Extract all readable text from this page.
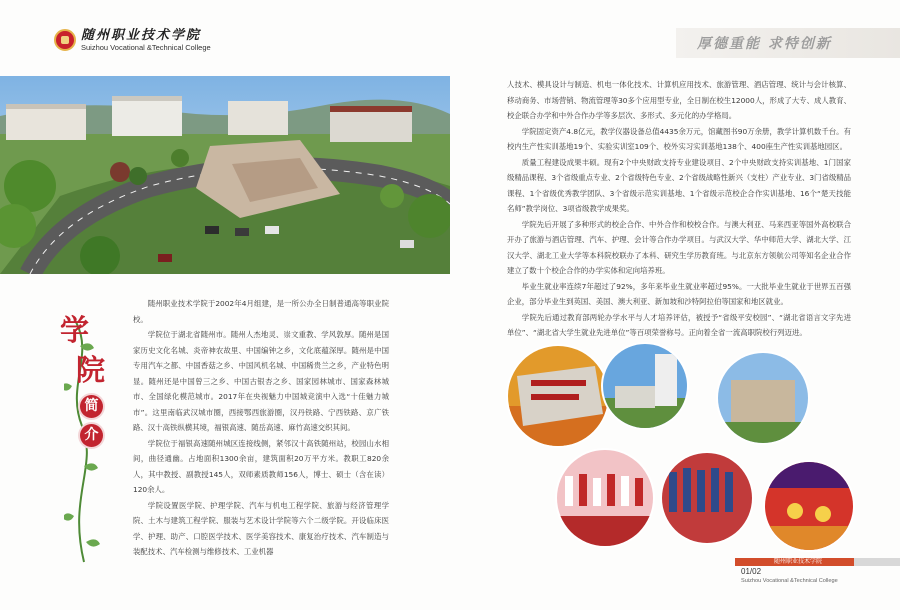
随州职业技术学院
Suizhou Vocational &Technical College	厚德重能 求特创新
学
院
简
介

随州职业技术学院于2002年4月组建，是一所公办全日制普通高等职业院校。

学院位于湖北省随州市。随州人杰地灵、崇文重教、学风敦厚。随州是国家历史文化名城、炎帝神农故里、中国编钟之乡，文化底蕴深厚。随州是中国专用汽车之都、中国香菇之乡、中国风机名城、中国稀贵兰之乡，产业特色明显。随州还是中国曾三之乡、中国古银杏之乡、国家园林城市、国家森林城市、全国绿化模范城市。2017年在央视魅力中国城竞演中入选“十佳魅力城市”。这里南临武汉城市圈，西接鄂西旅游圈，汉丹铁路、宁西铁路、京广铁路、汉十高铁纵横其境，福银高速、随岳高速、麻竹高速交织其间。

学院位于福银高速随州城区连接线侧，紧邻汉十高铁随州站，校园山水相间，曲径通幽。占地面积1300余亩，建筑面积20万平方米。教职工820余人，其中教授、副教授145人，双师素质教师156人，博士、硕士（含在读）120余人。

学院设置医学院、护理学院、汽车与机电工程学院、旅游与经济管理学院、土木与建筑工程学院、服装与艺术设计学院等六个二级学院。开设临床医学、护理、助产、口腔医学技术、医学美容技术、康复治疗技术、汽车制造与装配技术、汽车检测与维修技术、工业机器

人技术、模具设计与制造、机电一体化技术、计算机应用技术、旅游管理、酒店管理、统计与会计核算、移动商务、市场营销、物流管理等30多个应用型专业，全日制在校生12000人，形成了大专、成人教育、校企联合办学和中外合作办学等多层次、多形式、多元化的办学格局。

学院固定资产4.8亿元，教学仪器设备总值4435余万元，馆藏图书90万余册，教学计算机数千台。有校内生产性实训基地19个、实验实训室109个、校外实习实训基地138个、400座生产性实训基地园区。

质量工程建设成果丰硕。现有2个中央财政支持专业建设项目、2个中央财政支持实训基地、1门国家级精品课程、3个省级重点专业、2个省级特色专业、2个省级战略性新兴（支柱）产业专业、3门省级精品课程、1个省级优秀教学团队、3个省级示范实训基地、1个省级示范校企合作实训基地、16个“楚天技能名师”教学岗位、3项省级教学成果奖。

学院先后开展了多种形式的校企合作、中外合作和校校合作。与澳大利亚、马来西亚等国外高校联合开办了旅游与酒店管理、汽车、护理、会计等合作办学项目。与武汉大学、华中师范大学、湖北大学、江汉大学、湖北工业大学等本科院校联办了本科、研究生学历教育班。与北京东方领航公司等知名企业合作建立了数十个校企合作的办学实体和定向培养班。

毕业生就业率连续7年超过了92%，多年来毕业生就业率超过95%。一大批毕业生就业于世界五百强企业，部分毕业生到英国、美国、澳大利亚、新加坡和沙特阿拉伯等国家和地区就业。

学院先后通过教育部两轮办学水平与人才培养评估，被授予“省级平安校园”、“湖北省语言文字先进单位”、“湖北省大学生就业先进单位”等百项荣誉称号。正向着全省一流高职院校行列迈进。

随州职业技术学院
01/02
Suizhou Vocational &Technical College
